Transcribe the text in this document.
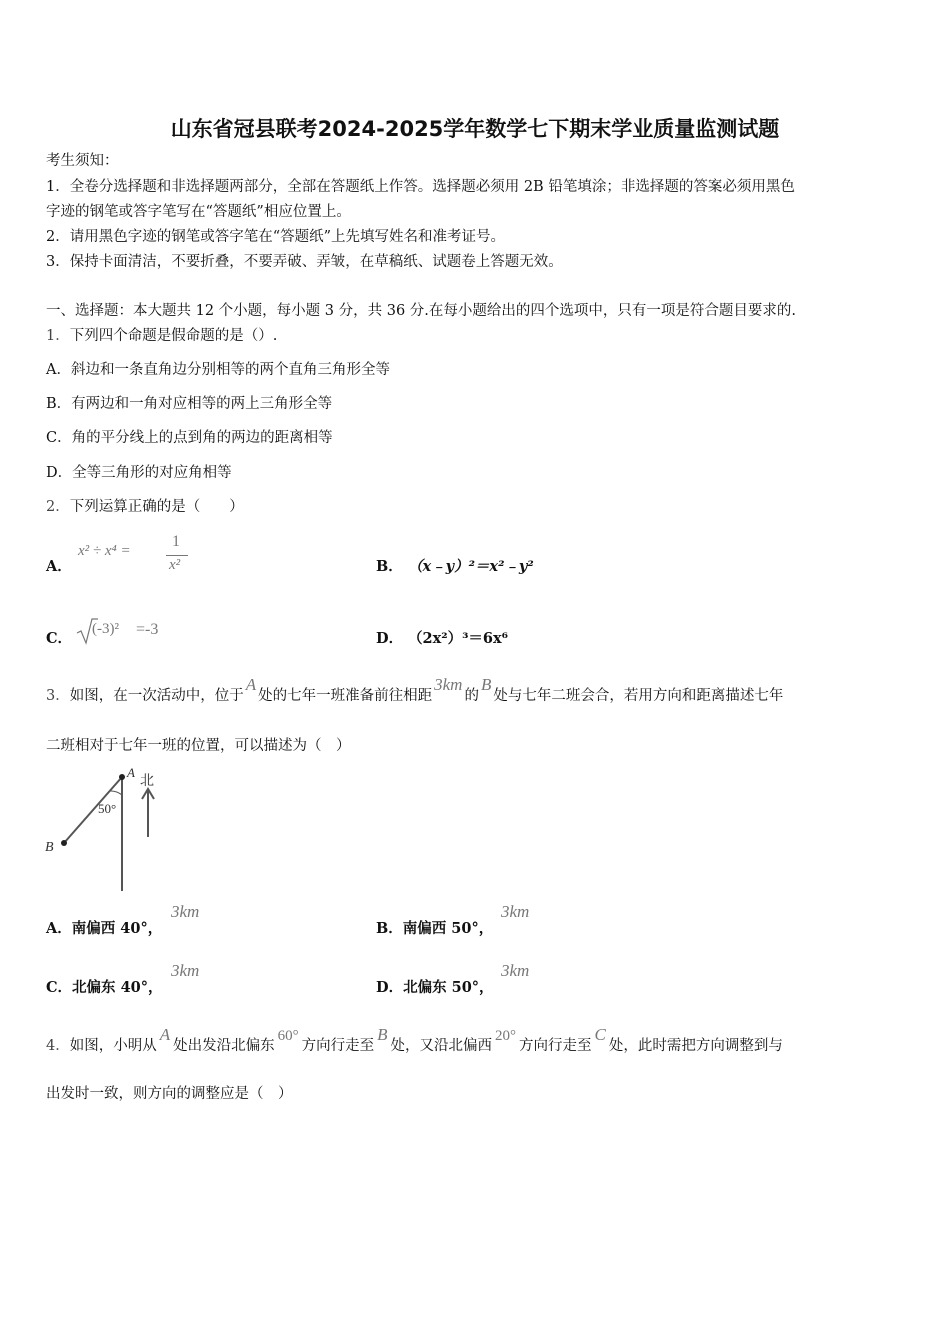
山东省冠县联考2024-2025学年数学七下期末学业质量监测试题
考生须知：
1．全卷分选择题和非选择题两部分，全部在答题纸上作答。选择题必须用 2B 铅笔填涂；非选择题的答案必须用黑色
字迹的钢笔或答字笔写在“答题纸”相应位置上。
2．请用黑色字迹的钢笔或答字笔在“答题纸”上先填写姓名和准考证号。
3．保持卡面清洁，不要折叠，不要弄破、弄皱，在草稿纸、试题卷上答题无效。
一、选择题：本大题共 12 个小题，每小题 3 分，共 36 分.在每小题给出的四个选项中，只有一项是符合题目要求的.
1．下列四个命题是假命题的是（）.
A．斜边和一条直角边分别相等的两个直角三角形全等
B．有两边和一角对应相等的两上三角形全等
C．角的平分线上的点到角的两边的距离相等
D．全等三角形的对应角相等
2．下列运算正确的是（　　）
A．
x² ÷ x⁴ =
1
x²	B． （x﹣y）²＝x²﹣y²
C．
(-3)² =-3
D． （2x²）³＝6x⁶
3．如图，在一次活动中，位于A处的七年一班准备前往相距3km的B处与七年二班会合，若用方向和距离描述七年
二班相对于七年一班的位置，可以描述为（　）
A
B
北
50°
A．南偏西 40°，
3km
B．南偏西 50°，
3km
C．北偏东 40°，
3km
D．北偏东 50°，
3km
4．如图，小明从A处出发沿北偏东60°方向行走至B处，又沿北偏西20°方向行走至C处，此时需把方向调整到与
出发时一致，则方向的调整应是（　）
